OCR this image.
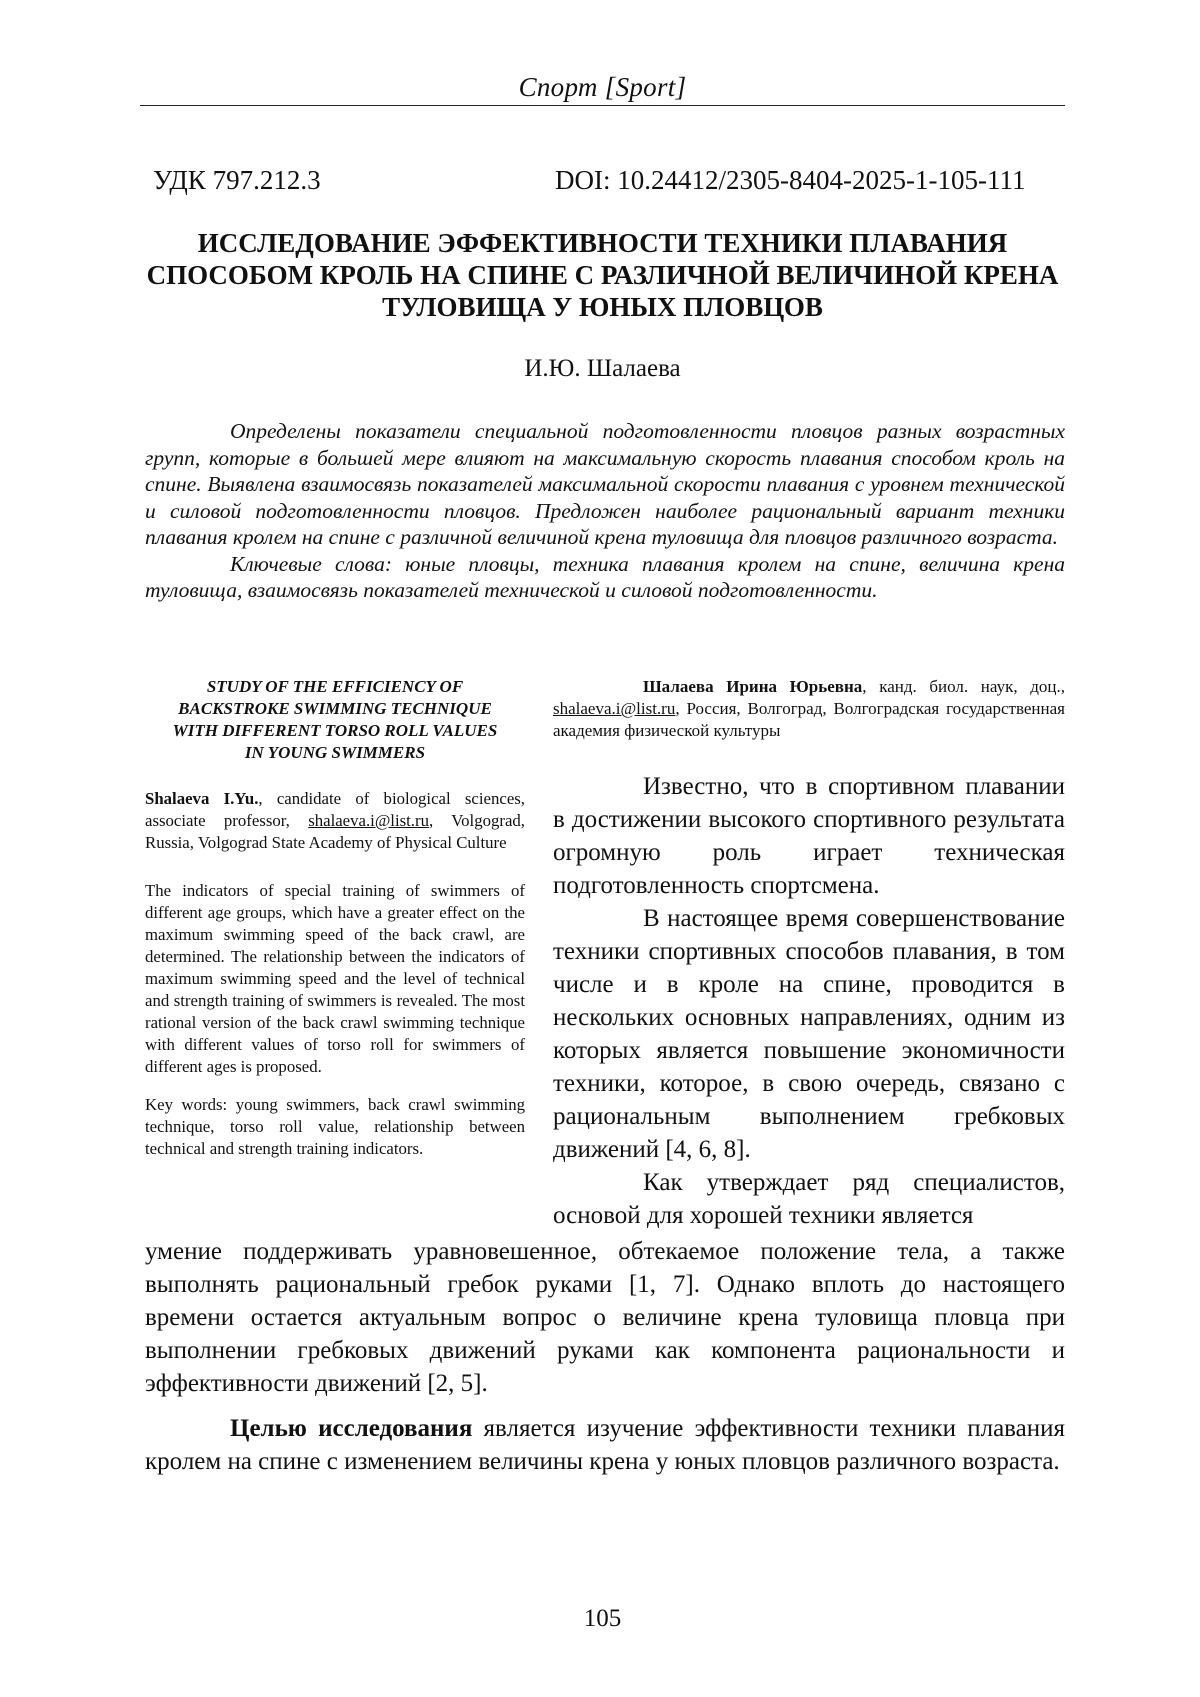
Спорт [Sport]
УДК 797.212.3	DOI: 10.24412/2305-8404-2025-1-105-111
ИССЛЕДОВАНИЕ ЭФФЕКТИВНОСТИ ТЕХНИКИ ПЛАВАНИЯ СПОСОБОМ КРОЛЬ НА СПИНЕ С РАЗЛИЧНОЙ ВЕЛИЧИНОЙ КРЕНА ТУЛОВИЩА У ЮНЫХ ПЛОВЦОВ
И.Ю. Шалаева

Определены показатели специальной подготовленности пловцов разных возрастных групп, которые в большей мере влияют на максимальную скорость плавания способом кроль на спине. Выявлена взаимосвязь показателей максимальной скорости плавания с уровнем технической и силовой подготовленности пловцов. Предложен наиболее рациональный вариант техники плавания кролем на спине с различной величиной крена туловища для пловцов различного возраста.

Ключевые слова: юные пловцы, техника плавания кролем на спине, величина крена туловища, взаимосвязь показателей технической и силовой подготовленности.

STUDY OF THE EFFICIENCY OF BACKSTROKE SWIMMING TECHNIQUE WITH DIFFERENT TORSO ROLL VALUES IN YOUNG SWIMMERS
Shalaeva I.Yu., candidate of biological sciences, associate professor, shalaeva.i@list.ru, Volgograd, Russia, Volgograd State Academy of Physical Culture
The indicators of special training of swimmers of different age groups, which have a greater effect on the maximum swimming speed of the back crawl, are determined. The relationship between the indicators of maximum swimming speed and the level of technical and strength training of swimmers is revealed. The most rational version of the back crawl swimming technique with different values of torso roll for swimmers of different ages is proposed.
Key words: young swimmers, back crawl swimming technique, torso roll value, relationship between technical and strength training indicators.

Шалаева Ирина Юрьевна, канд. биол. наук, доц., shalaeva.i@list.ru, Россия, Волгоград, Волгоградская государственная академия физической культуры

Известно, что в спортивном плавании в достижении высокого спортивного результата огромную роль играет техническая подготовленность спортсмена.

В настоящее время совершенствование техники спортивных способов плавания, в том числе и в кроле на спине, проводится в нескольких основных направлениях, одним из которых является повышение экономичности техники, которое, в свою очередь, связано с рациональным выполнением гребковых движений [4, 6, 8].

Как утверждает ряд специалистов, основой для хорошей техники является

умение поддерживать уравновешенное, обтекаемое положение тела, а также выполнять рациональный гребок руками [1, 7]. Однако вплоть до настоящего времени остается актуальным вопрос о величине крена туловища пловца при выполнении гребковых движений руками как компонента рациональности и эффективности движений [2, 5].

Целью исследования является изучение эффективности техники плавания кролем на спине с изменением величины крена у юных пловцов различного возраста.

105
